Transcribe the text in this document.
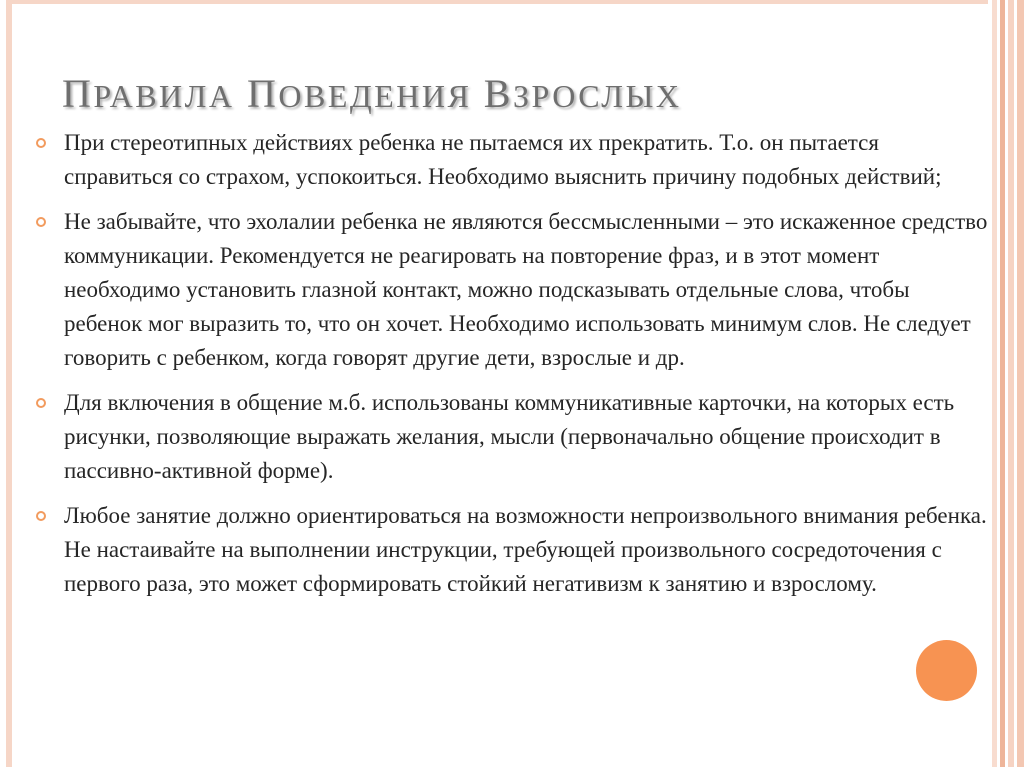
ПРАВИЛА ПОВЕДЕНИЯ ВЗРОСЛЫХ
При стереотипных действиях ребенка не пытаемся их прекратить. Т.о. он пытается справиться со страхом, успокоиться. Необходимо выяснить причину подобных действий;
Не забывайте, что эхолалии ребенка не являются бессмысленными – это искаженное средство коммуникации. Рекомендуется не реагировать на повторение фраз, и в этот момент необходимо установить глазной контакт, можно подсказывать отдельные слова, чтобы ребенок мог выразить то, что он хочет. Необходимо использовать минимум слов. Не следует говорить с ребенком, когда говорят другие дети, взрослые и др.
Для включения в общение м.б. использованы коммуникативные карточки, на которых есть рисунки, позволяющие выражать желания, мысли (первоначально общение происходит в пассивно-активной форме).
Любое занятие должно ориентироваться на возможности непроизвольного внимания ребенка. Не настаивайте на выполнении инструкции, требующей произвольного сосредоточения с первого раза, это может сформировать стойкий негативизм к занятию и взрослому.
